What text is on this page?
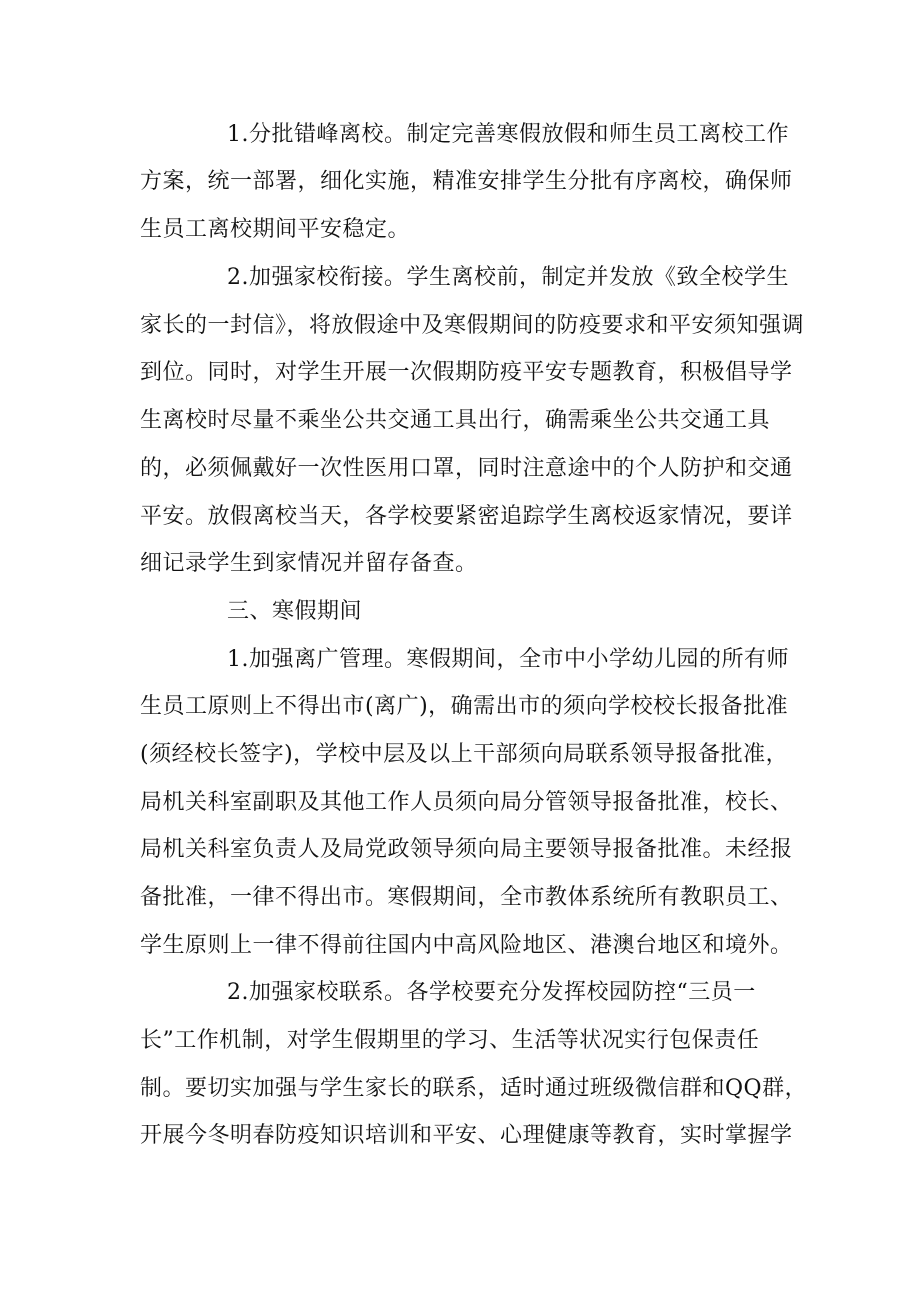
1.分批错峰离校。制定完善寒假放假和师生员工离校工作
方案，统一部署，细化实施，精准安排学生分批有序离校，确保师
生员工离校期间平安稳定。
2.加强家校衔接。学生离校前，制定并发放《致全校学生
家长的一封信》，将放假途中及寒假期间的防疫要求和平安须知强调
到位。同时，对学生开展一次假期防疫平安专题教育，积极倡导学
生离校时尽量不乘坐公共交通工具出行，确需乘坐公共交通工具
的，必须佩戴好一次性医用口罩，同时注意途中的个人防护和交通
平安。放假离校当天，各学校要紧密追踪学生离校返家情况，要详
细记录学生到家情况并留存备查。
三、寒假期间
1.加强离广管理。寒假期间，全市中小学幼儿园的所有师
生员工原则上不得出市(离广)，确需出市的须向学校校长报备批准
(须经校长签字)，学校中层及以上干部须向局联系领导报备批准，
局机关科室副职及其他工作人员须向局分管领导报备批准，校长、
局机关科室负责人及局党政领导须向局主要领导报备批准。未经报
备批准，一律不得出市。寒假期间，全市教体系统所有教职员工、
学生原则上一律不得前往国内中高风险地区、港澳台地区和境外。
2.加强家校联系。各学校要充分发挥校园防控“三员一
长”工作机制，对学生假期里的学习、生活等状况实行包保责任
制。要切实加强与学生家长的联系，适时通过班级微信群和QQ群，
开展今冬明春防疫知识培训和平安、心理健康等教育，实时掌握学
